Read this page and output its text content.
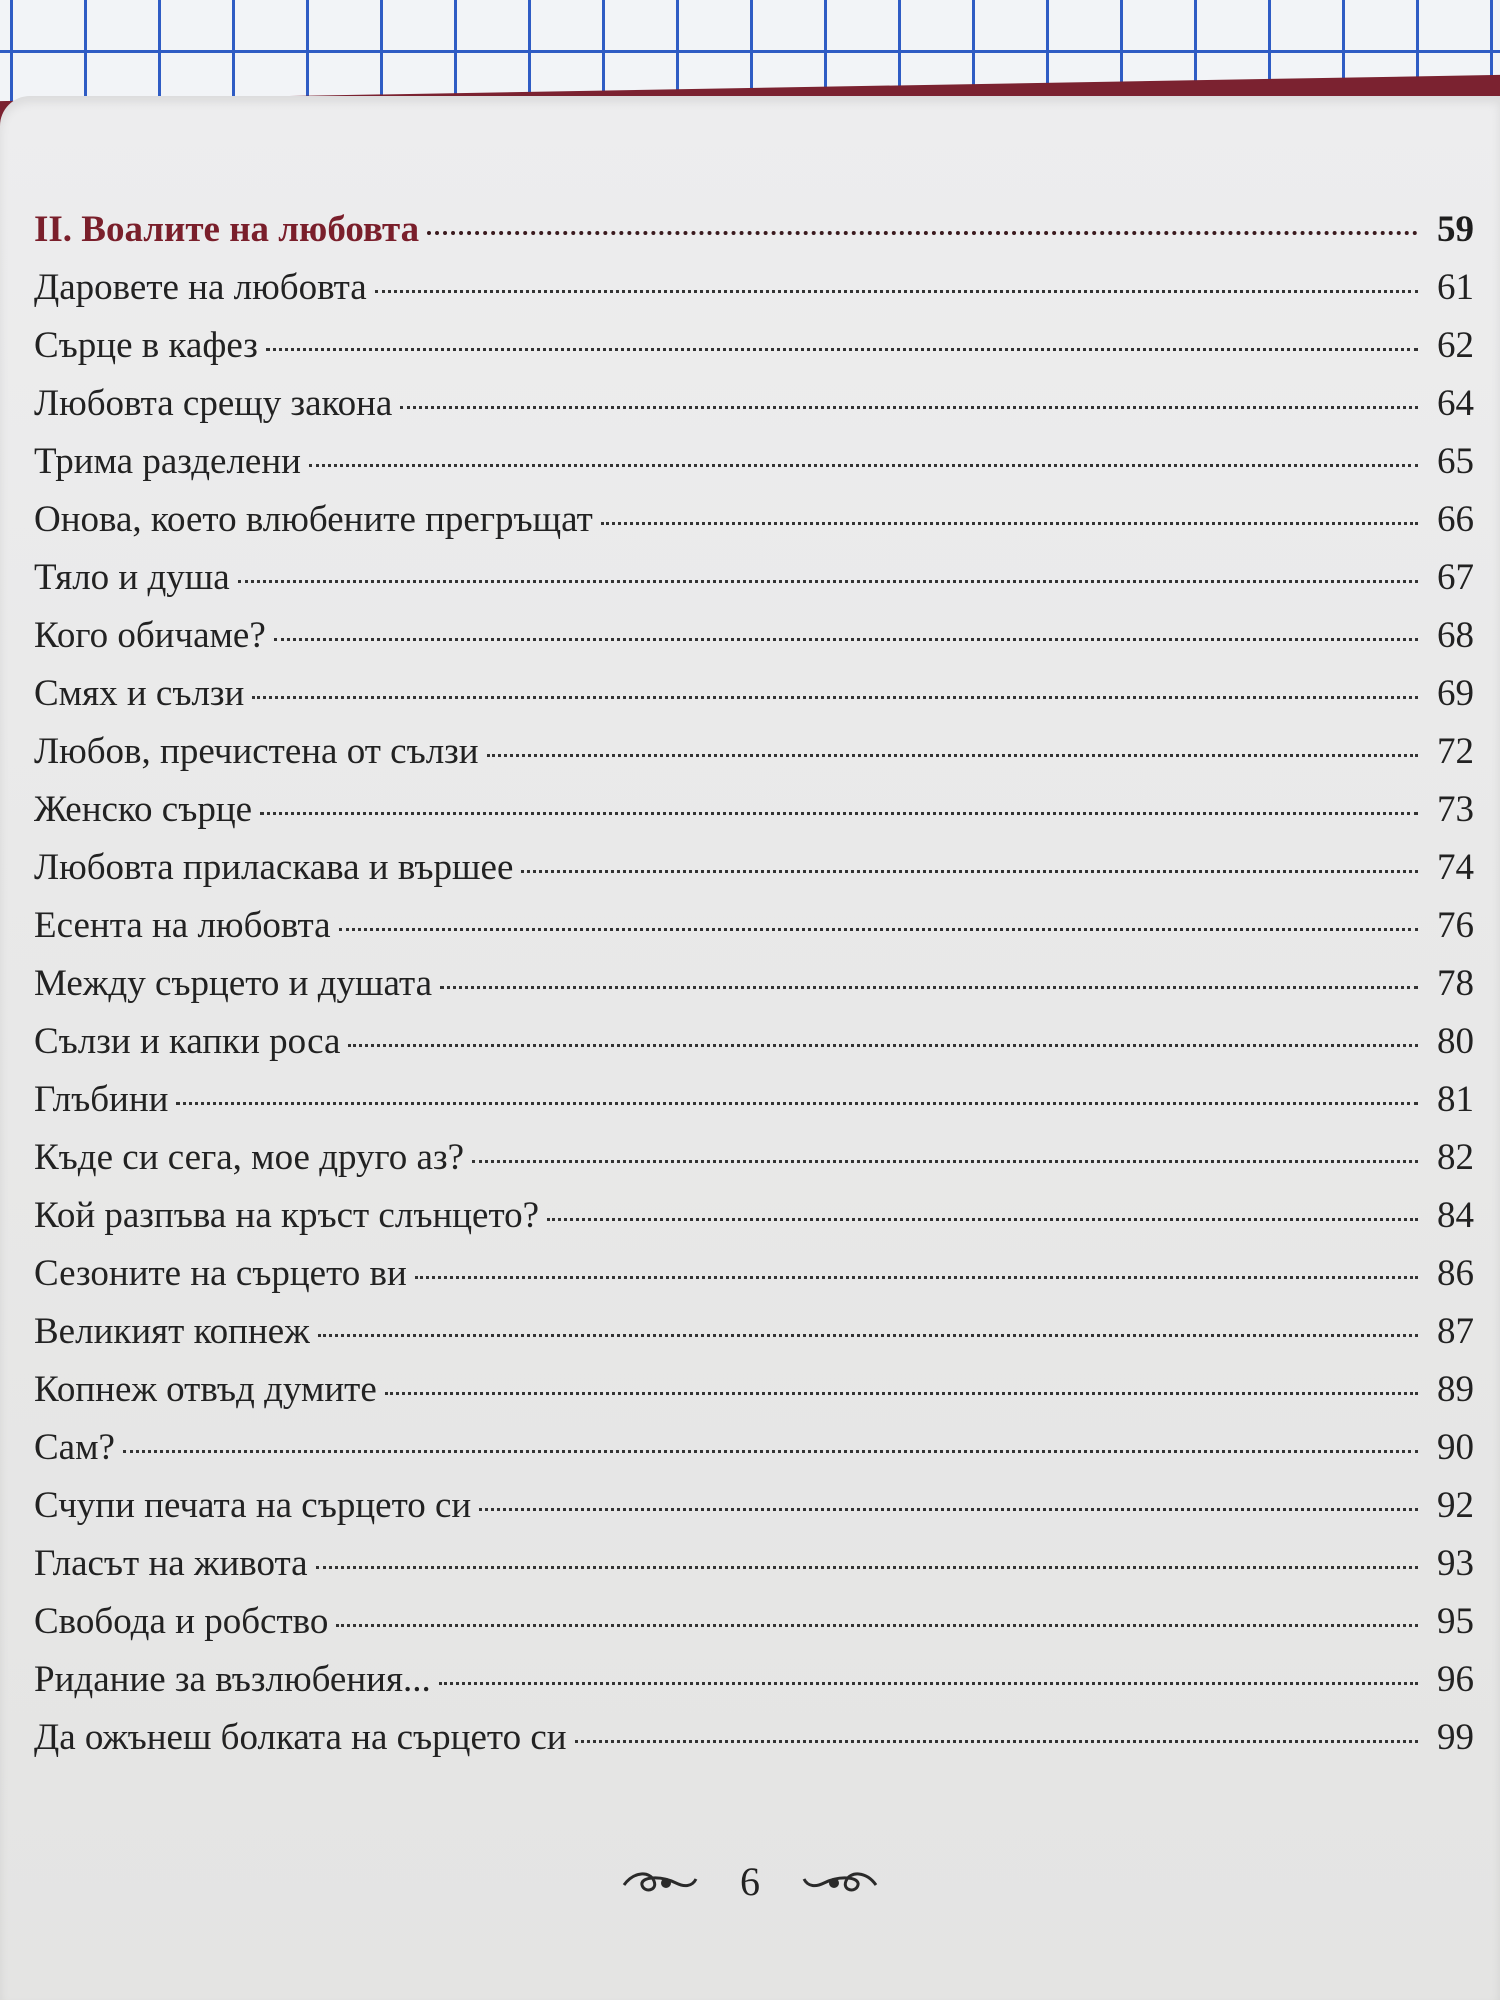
II. Воалите на любовта	59
Даровете на любовта	61
Сърце в кафез	62
Любовта срещу закона	64
Трима разделени	65
Онова, което влюбените прегръщат	66
Тяло и душа	67
Кого обичаме?	68
Смях и сълзи	69
Любов, пречистена от сълзи	72
Женско сърце	73
Любовта приласкава и вършее	74
Есента на любовта	76
Между сърцето и душата	78
Сълзи и капки роса	80
Глъбини	81
Къде си сега, мое друго аз?	82
Кой разпъва на кръст слънцето?	84
Сезоните на сърцето ви	86
Великият копнеж	87
Копнеж отвъд думите	89
Сам?	90
Счупи печата на сърцето си	92
Гласът на живота	93
Свобода и робство	95
Ридание за възлюбения...	96
Да ожънеш болката на сърцето си	99
6
